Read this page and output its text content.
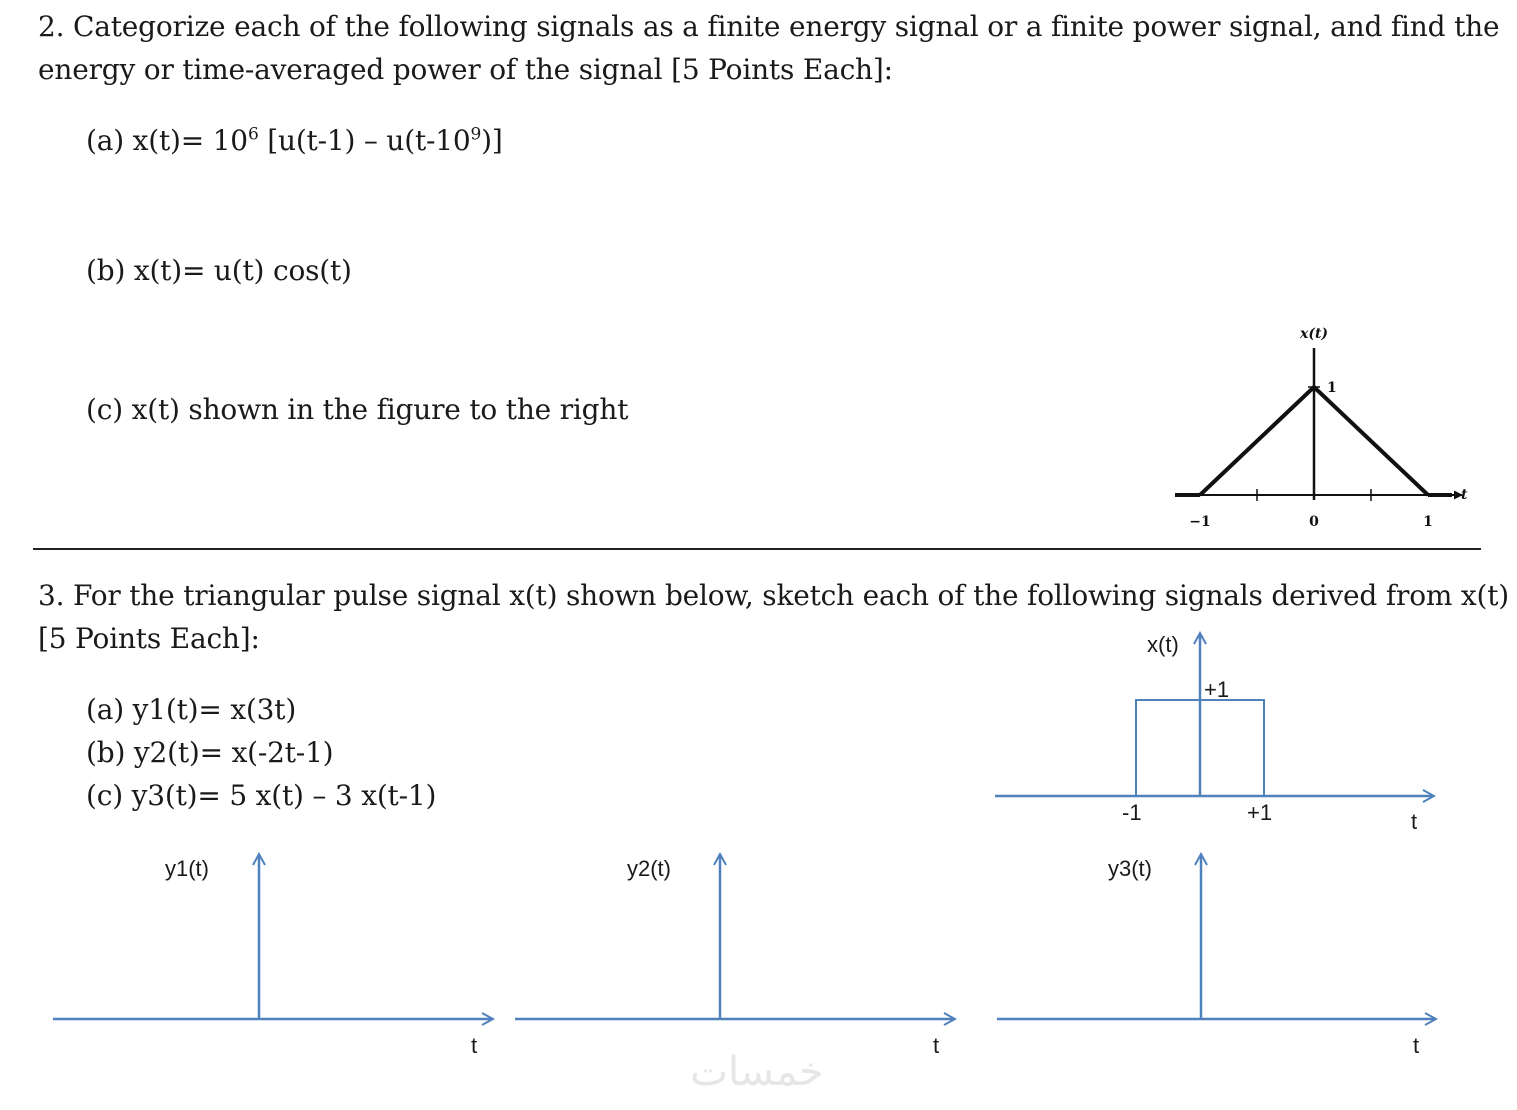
2. Categorize each of the following signals as a finite energy signal or a finite power signal, and find the
energy or time-averaged power of the signal [5 Points Each]:
(a) $x(t)= 10^6$ $[u(t-1) - u(t-10^9)]$
(b) x(t)= u(t) cos(t)
(c) x(t) shown in the figure to the right
3. For the triangular pulse signal x(t) shown below, sketch each of the following signals derived from x(t)
[5 Points Each]:
(a) y1(t)= x(3t)
(b) y2(t)= x(-2t-1)
(c) y3(t)= 5 x(t) – 3 x(t-1)
x(t)
1
t
−1	0	1
x(t)
+1
-1	+1	t
y1(t)
t
y2(t)
t
y3(t)
t
خمسات
